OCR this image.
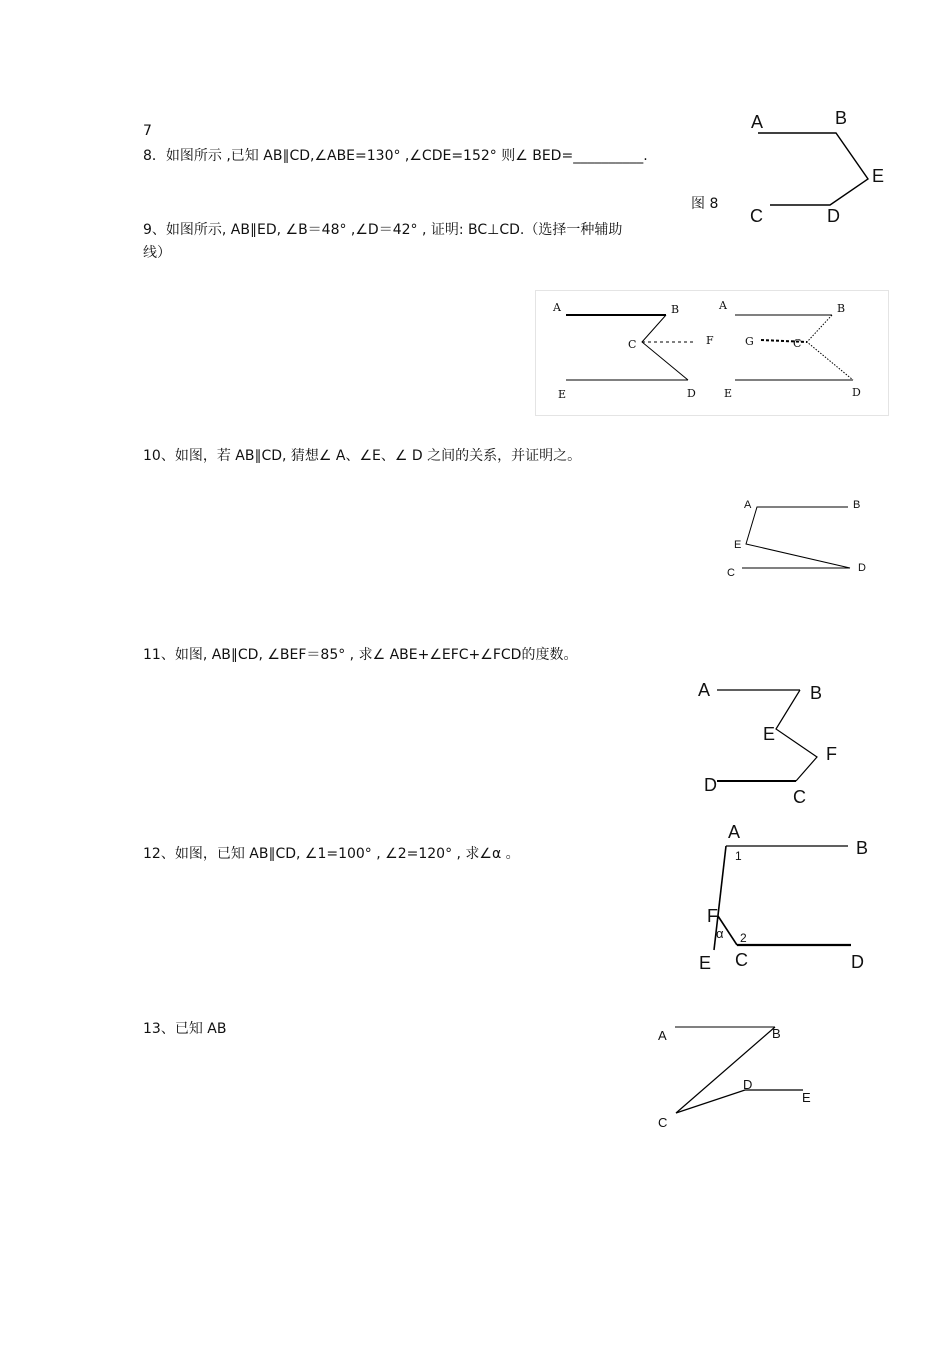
7
8．如图所示 ,已知 AB∥CD,∠ABE=130° ,∠CDE=152° 则∠ BED=__________.
图 8
9、如图所示, AB∥ED, ∠B＝48° ,∠D＝42° , 证明: BC⊥CD.（选择一种辅助
线）
10、如图，若 AB∥CD, 猜想∠ A、∠E、∠ D 之间的关系，并证明之。
11、如图, AB∥CD, ∠BEF＝85° , 求∠ ABE+∠EFC+∠FCD的度数。
12、如图，已知 AB∥CD, ∠1=100° , ∠2=120° , 求∠α 。
13、已知 AB
A	B
E
C	D
A	B
C	F
E	D
A	B
G	C
E	D
A	B
E
C	D
A	B
E
F
D
C
A
B
1
F
α 2
E C	D
A	B
D
E
C
